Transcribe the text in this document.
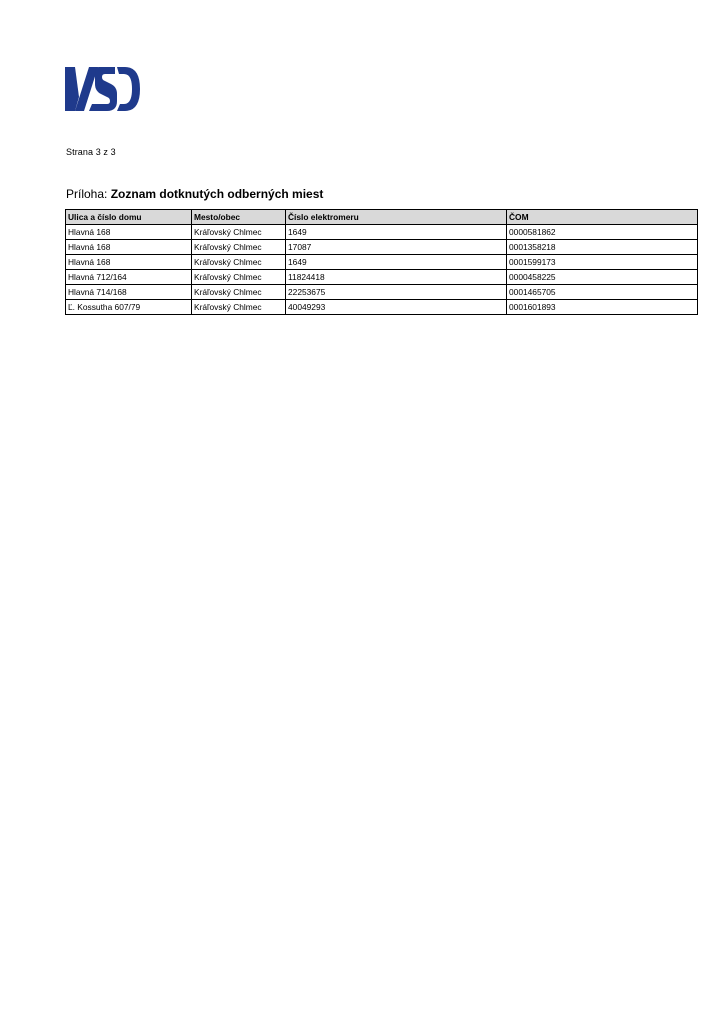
Strana 3 z 3
Príloha: Zoznam dotknutých odberných miest
Ulica a číslo domu	Mesto/obec	Číslo elektromeru	ČOM
Hlavná 168	Kráľovský Chlmec	1649	0000581862
Hlavná 168	Kráľovský Chlmec	17087	0001358218
Hlavná 168	Kráľovský Chlmec	1649	0001599173
Hlavná 712/164	Kráľovský Chlmec	11824418	0000458225
Hlavná 714/168	Kráľovský Chlmec	22253675	0001465705
Ľ. Kossutha 607/79	Kráľovský Chlmec	40049293	0001601893
